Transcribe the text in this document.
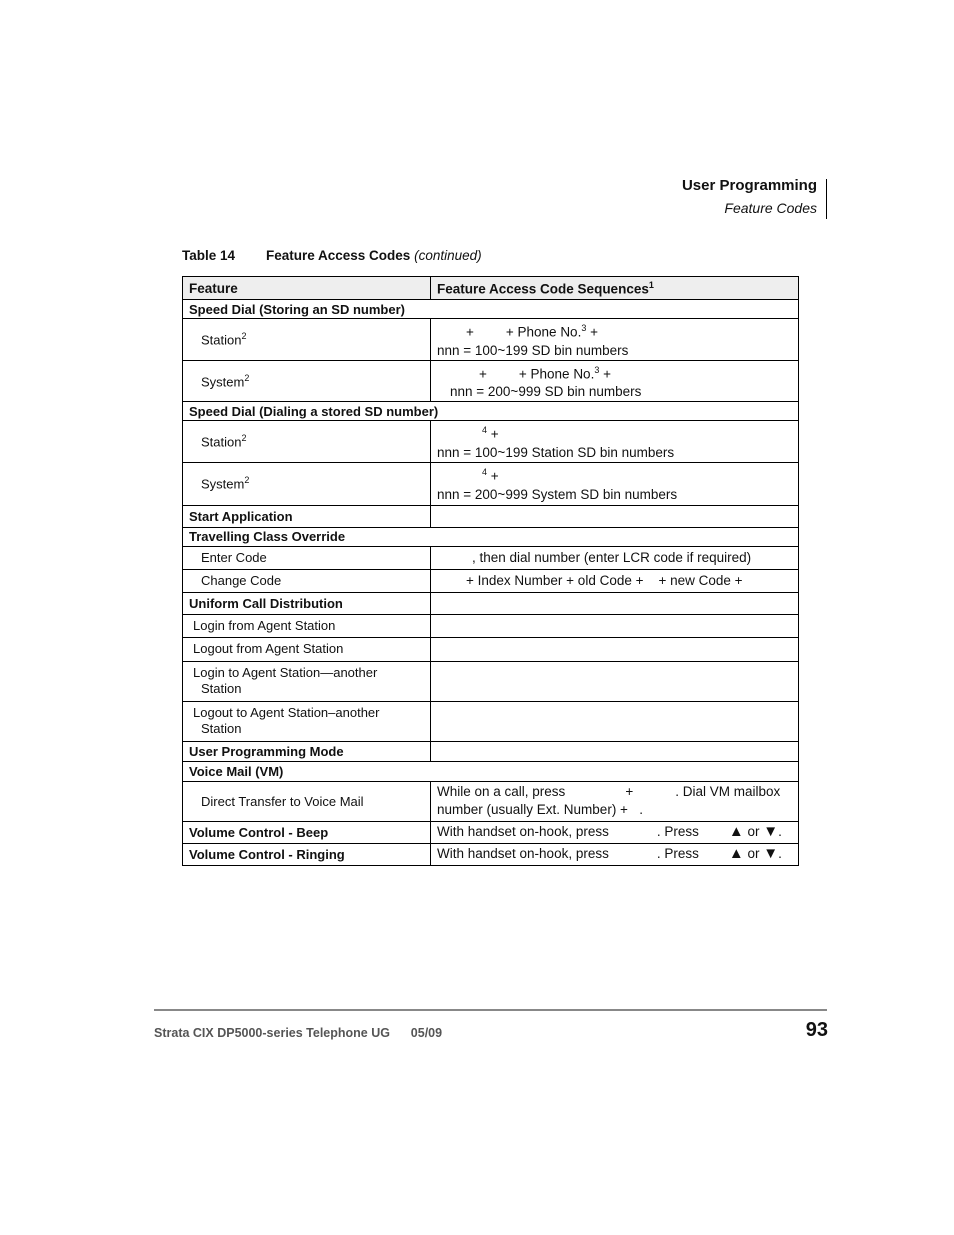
User Programming
Feature Codes
Table 14 Feature Access Codes (continued)
Feature	Feature Access Code Sequences$^1$
Speed Dial (Storing an SD number)	
Station$^2$	+ + Phone No.$^3$ +
nnn = 100~199 SD bin numbers

System$^2$	+ + Phone No.$^3$ +
nnn = 200~999 SD bin numbers

Speed Dial (Dialing a stored SD number)	
Station$^2$	$^4$ +
nnn = 100~199 Station SD bin numbers

System$^2$	$^4$ +
nnn = 200~999 System SD bin numbers

Start Application	
Travelling Class Override	
Enter Code	, then dial number (enter LCR code if required)

Change Code	+ Index Number + old Code +    + new Code +

Uniform Call Distribution	
Login from Agent Station	
Logout from Agent Station	

Login to Agent Station—another
Station	

Logout to Agent Station–another
Station	

User Programming Mode	
Voice Mail (VM)	
Direct Transfer to Voice Mail	While on a call, press + . Dial VM mailbox
number (usually Ext. Number) +   .

Volume Control - Beep	With handset on-hook, press . Press ▲ or ▼.
Volume Control - Ringing	With handset on-hook, press . Press ▲ or ▼.
Strata CIX DP5000-series Telephone UG      05/09	93
